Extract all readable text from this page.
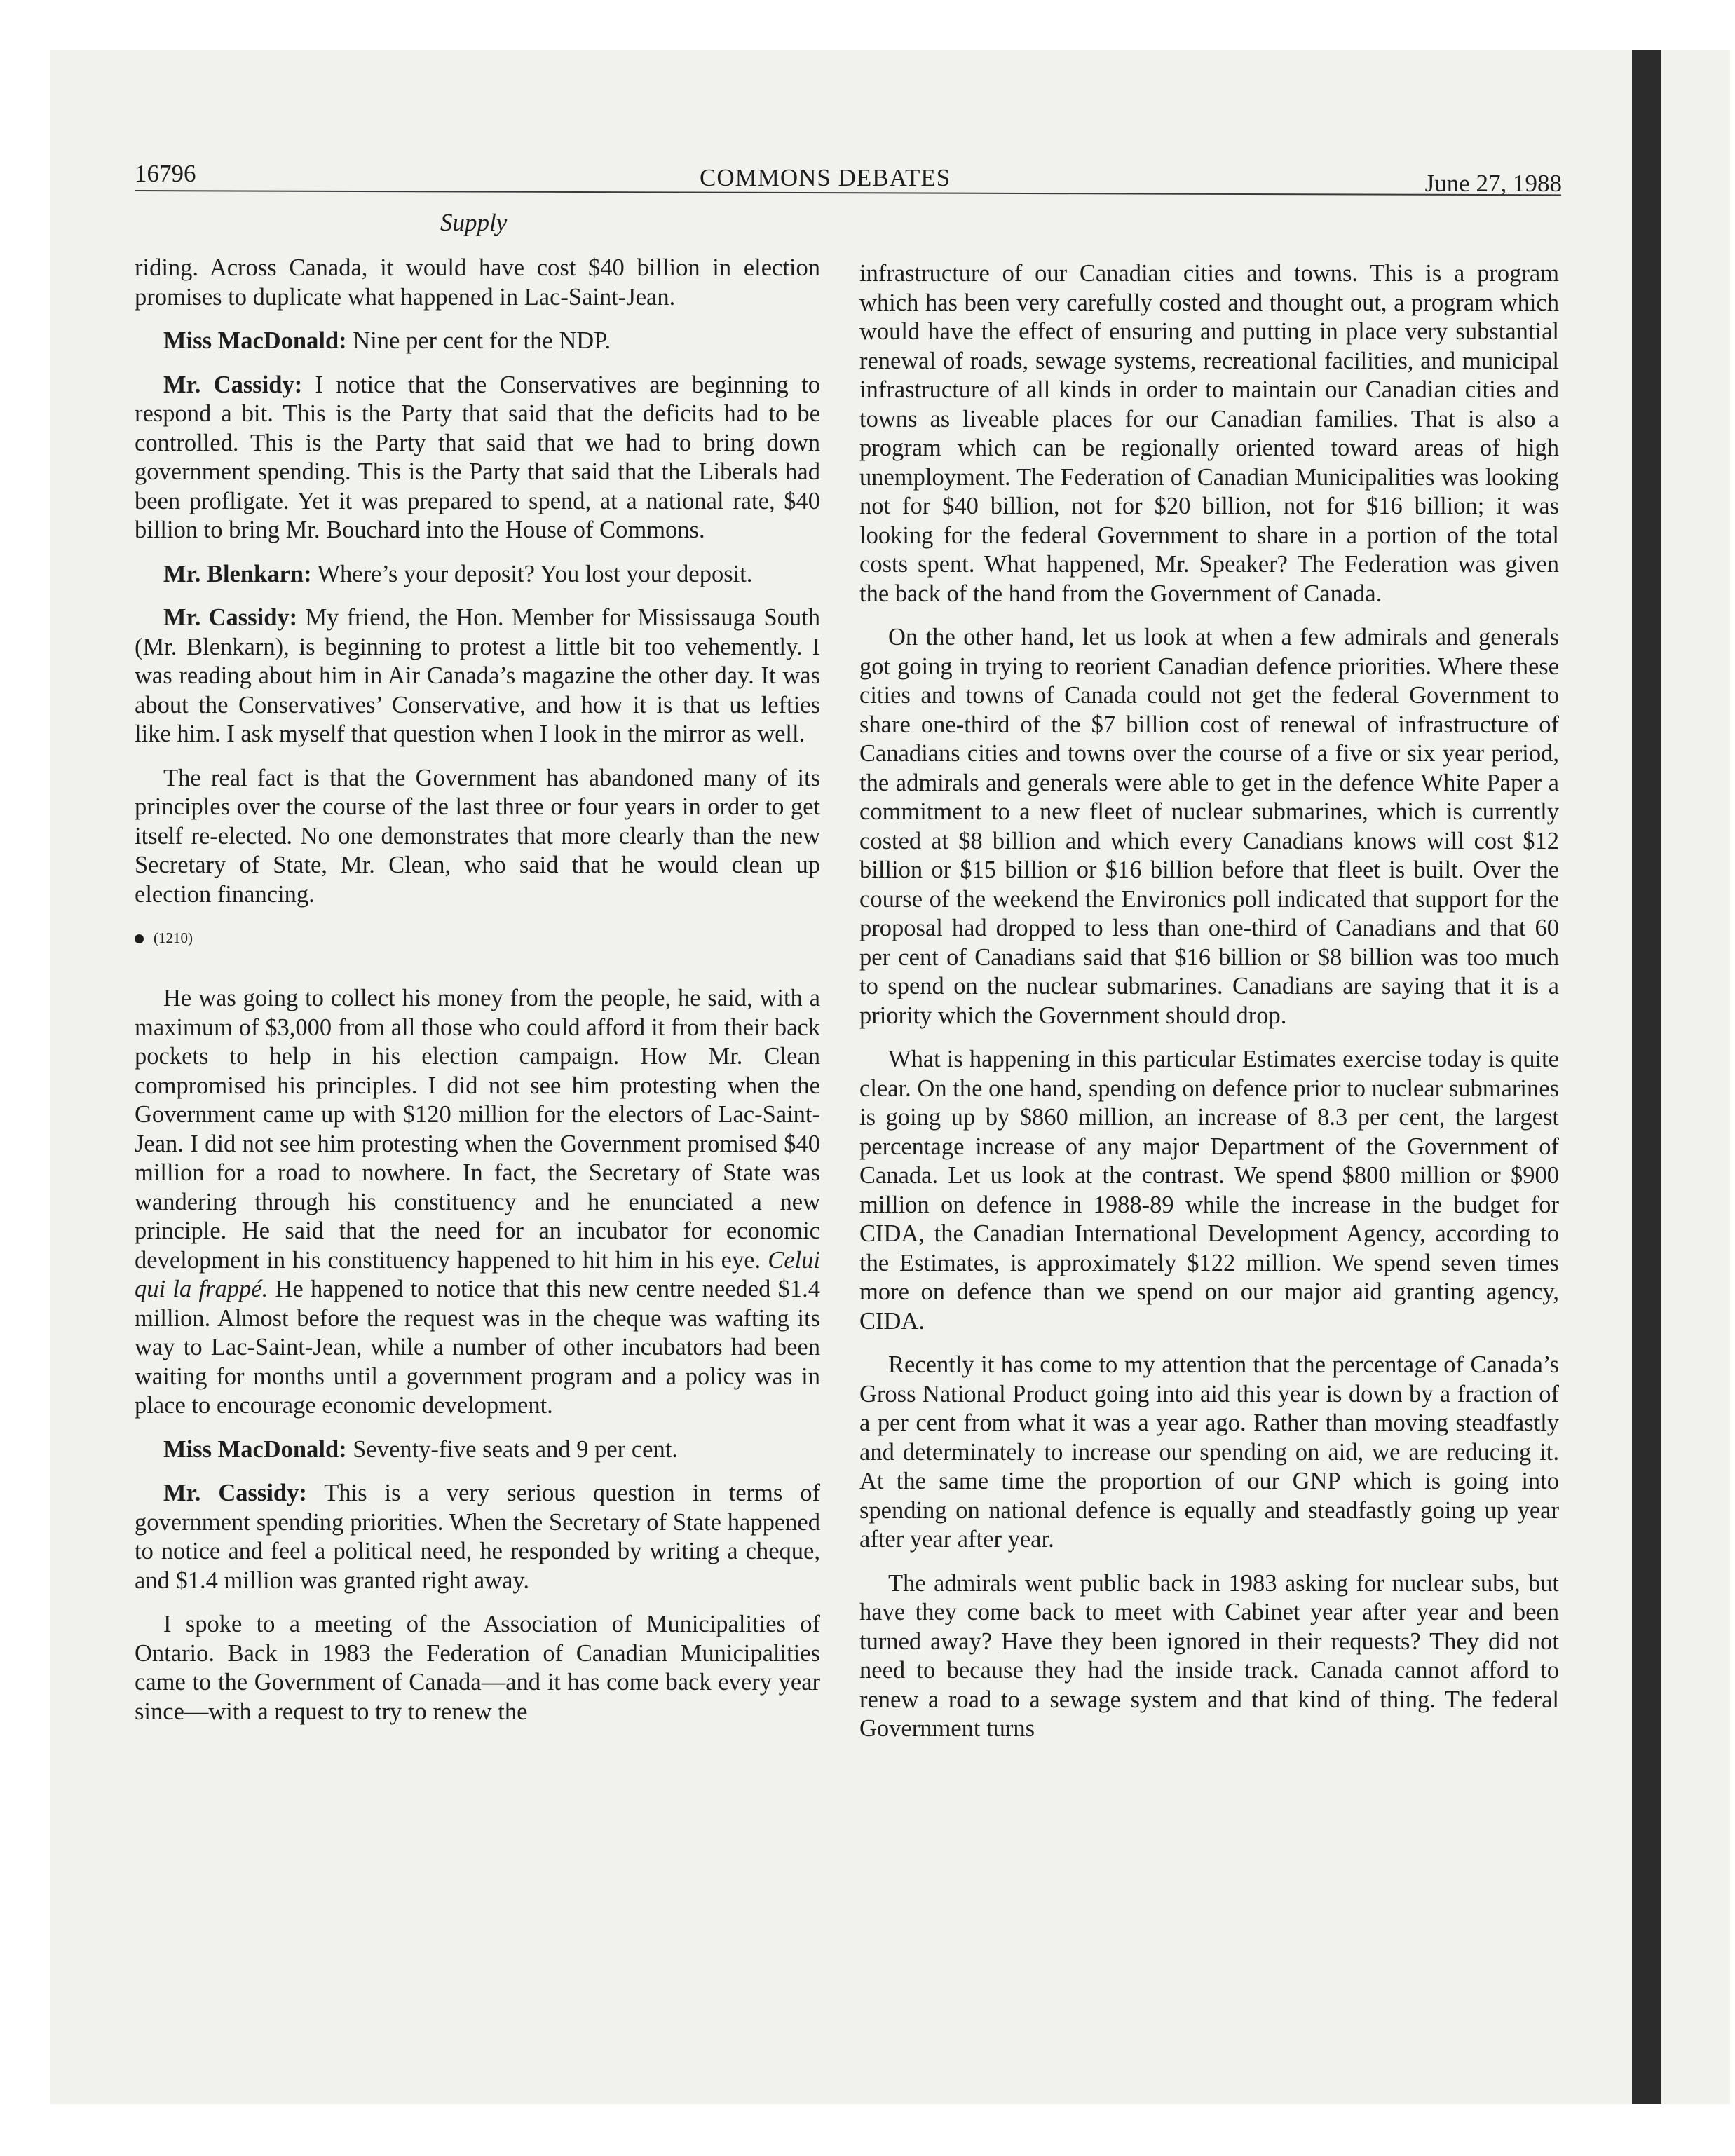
16796	COMMONS DEBATES	June 27, 1988
Supply

riding. Across Canada, it would have cost $40 billion in election promises to duplicate what happened in Lac-Saint-Jean.

Miss MacDonald: Nine per cent for the NDP.

Mr. Cassidy: I notice that the Conservatives are beginning to respond a bit. This is the Party that said that the deficits had to be controlled. This is the Party that said that we had to bring down government spending. This is the Party that said that the Liberals had been profligate. Yet it was prepared to spend, at a national rate, $40 billion to bring Mr. Bouchard into the House of Commons.

Mr. Blenkarn: Where’s your deposit? You lost your deposit.

Mr. Cassidy: My friend, the Hon. Member for Mississauga South (Mr. Blenkarn), is beginning to protest a little bit too vehemently. I was reading about him in Air Canada’s magazine the other day. It was about the Conservatives’ Conservative, and how it is that us lefties like him. I ask myself that question when I look in the mirror as well.

The real fact is that the Government has abandoned many of its principles over the course of the last three or four years in order to get itself re-elected. No one demonstrates that more clearly than the new Secretary of State, Mr. Clean, who said that he would clean up election financing.

(1210)

He was going to collect his money from the people, he said, with a maximum of $3,000 from all those who could afford it from their back pockets to help in his election campaign. How Mr. Clean compromised his principles. I did not see him protesting when the Government came up with $120 million for the electors of Lac-Saint-Jean. I did not see him protesting when the Government promised $40 million for a road to nowhere. In fact, the Secretary of State was wandering through his constituency and he enunciated a new principle. He said that the need for an incubator for economic development in his constituency happened to hit him in his eye. Celui qui la frappé. He happened to notice that this new centre needed $1.4 million. Almost before the request was in the cheque was wafting its way to Lac-Saint-Jean, while a number of other incubators had been waiting for months until a government program and a policy was in place to encourage economic development.

Miss MacDonald: Seventy-five seats and 9 per cent.

Mr. Cassidy: This is a very serious question in terms of government spending priorities. When the Secretary of State happened to notice and feel a political need, he responded by writing a cheque, and $1.4 million was granted right away.

I spoke to a meeting of the Association of Municipalities of Ontario. Back in 1983 the Federation of Canadian Municipalities came to the Government of Canada—and it has come back every year since—with a request to try to renew the

infrastructure of our Canadian cities and towns. This is a program which has been very carefully costed and thought out, a program which would have the effect of ensuring and putting in place very substantial renewal of roads, sewage systems, recreational facilities, and municipal infrastructure of all kinds in order to maintain our Canadian cities and towns as liveable places for our Canadian families. That is also a program which can be regionally oriented toward areas of high unemployment. The Federation of Canadian Municipalities was looking not for $40 billion, not for $20 billion, not for $16 billion; it was looking for the federal Government to share in a portion of the total costs spent. What happened, Mr. Speaker? The Federation was given the back of the hand from the Government of Canada.

On the other hand, let us look at when a few admirals and generals got going in trying to reorient Canadian defence priorities. Where these cities and towns of Canada could not get the federal Government to share one-third of the $7 billion cost of renewal of infrastructure of Canadians cities and towns over the course of a five or six year period, the admirals and generals were able to get in the defence White Paper a commitment to a new fleet of nuclear submarines, which is currently costed at $8 billion and which every Canadians knows will cost $12 billion or $15 billion or $16 billion before that fleet is built. Over the course of the weekend the Environics poll indicated that support for the proposal had dropped to less than one-third of Canadians and that 60 per cent of Canadians said that $16 billion or $8 billion was too much to spend on the nuclear submarines. Canadians are saying that it is a priority which the Government should drop.

What is happening in this particular Estimates exercise today is quite clear. On the one hand, spending on defence prior to nuclear submarines is going up by $860 million, an increase of 8.3 per cent, the largest percentage increase of any major Department of the Government of Canada. Let us look at the contrast. We spend $800 million or $900 million on defence in 1988-89 while the increase in the budget for CIDA, the Canadian International Development Agency, according to the Estimates, is approximately $122 million. We spend seven times more on defence than we spend on our major aid granting agency, CIDA.

Recently it has come to my attention that the percentage of Canada’s Gross National Product going into aid this year is down by a fraction of a per cent from what it was a year ago. Rather than moving steadfastly and determinately to increase our spending on aid, we are reducing it. At the same time the proportion of our GNP which is going into spending on national defence is equally and steadfastly going up year after year after year.

The admirals went public back in 1983 asking for nuclear subs, but have they come back to meet with Cabinet year after year and been turned away? Have they been ignored in their requests? They did not need to because they had the inside track. Canada cannot afford to renew a road to a sewage system and that kind of thing. The federal Government turns
